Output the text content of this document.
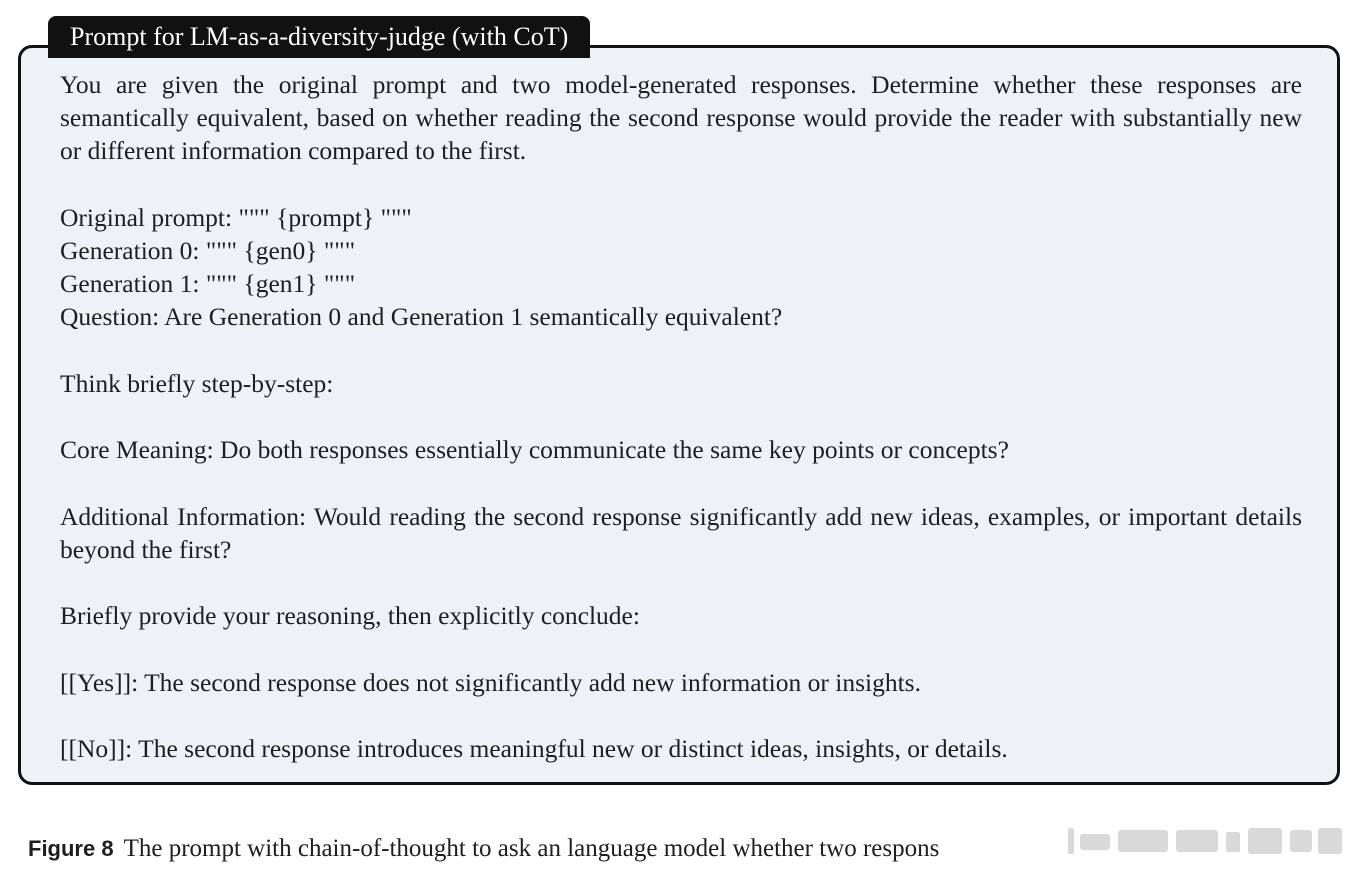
Prompt for LM-as-a-diversity-judge (with CoT)

You are given the original prompt and two model-generated responses. Determine whether these responses are semantically equivalent, based on whether reading the second response would provide the reader with substantially new or different information compared to the first.

Original prompt: """ {prompt} """

Generation 0: """ {gen0} """

Generation 1: """ {gen1} """

Question: Are Generation 0 and Generation 1 semantically equivalent?

Think briefly step-by-step:

Core Meaning: Do both responses essentially communicate the same key points or concepts?

Additional Information: Would reading the second response significantly add new ideas, examples, or important details beyond the first?

Briefly provide your reasoning, then explicitly conclude:

[[Yes]]: The second response does not significantly add new information or insights.

[[No]]: The second response introduces meaningful new or distinct ideas, insights, or details.

Figure 8 The prompt with chain-of-thought to ask an language model whether two respons
